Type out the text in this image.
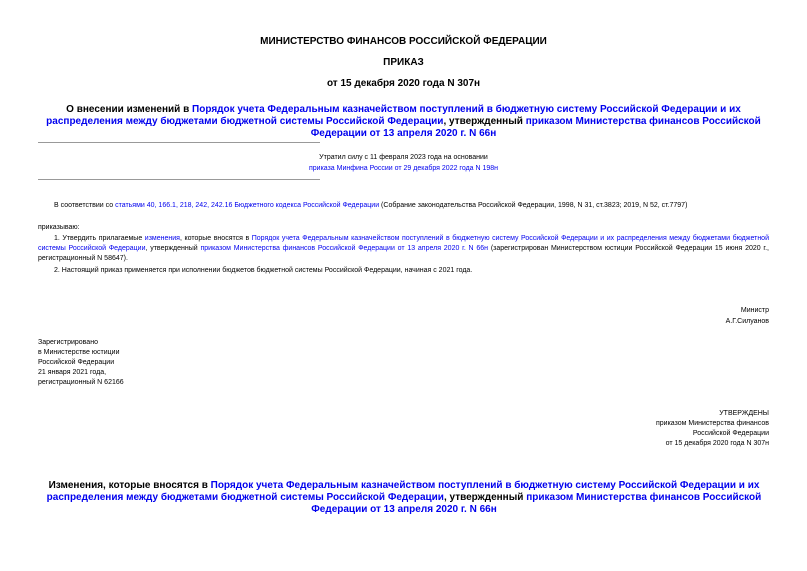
МИНИСТЕРСТВО ФИНАНСОВ РОССИЙСКОЙ ФЕДЕРАЦИИ
ПРИКАЗ
от 15 декабря 2020 года N 307н
О внесении изменений в Порядок учета Федеральным казначейством поступлений в бюджетную систему Российской Федерации и их распределения между бюджетами бюджетной системы Российской Федерации, утвержденный приказом Министерства финансов Российской Федерации от 13 апреля 2020 г. N 66н
Утратил силу с 11 февраля 2023 года на основании
приказа Минфина России от 29 декабря 2022 года N 198н
В соответствии со статьями 40, 166.1, 218, 242, 242.16 Бюджетного кодекса Российской Федерации (Собрание законодательства Российской Федерации, 1998, N 31, ст.3823; 2019, N 52, ст.7797)
приказываю:
1. Утвердить прилагаемые изменения, которые вносятся в Порядок учета Федеральным казначейством поступлений в бюджетную систему Российской Федерации и их распределения между бюджетами бюджетной системы Российской Федерации, утвержденный приказом Министерства финансов Российской Федерации от 13 апреля 2020 г. N 66н (зарегистрирован Министерством юстиции Российской Федерации 15 июня 2020 г., регистрационный N 58647).
2. Настоящий приказ применяется при исполнении бюджетов бюджетной системы Российской Федерации, начиная с 2021 года.
Министр
А.Г.Силуанов
Зарегистрировано
в Министерстве юстиции
Российской Федерации
21 января 2021 года,
регистрационный N 62166
УТВЕРЖДЕНЫ
приказом Министерства финансов
Российской Федерации
от 15 декабря 2020 года N 307н
Изменения, которые вносятся в Порядок учета Федеральным казначейством поступлений в бюджетную систему Российской Федерации и их распределения между бюджетами бюджетной системы Российской Федерации, утвержденный приказом Министерства финансов Российской Федерации от 13 апреля 2020 г. N 66н
